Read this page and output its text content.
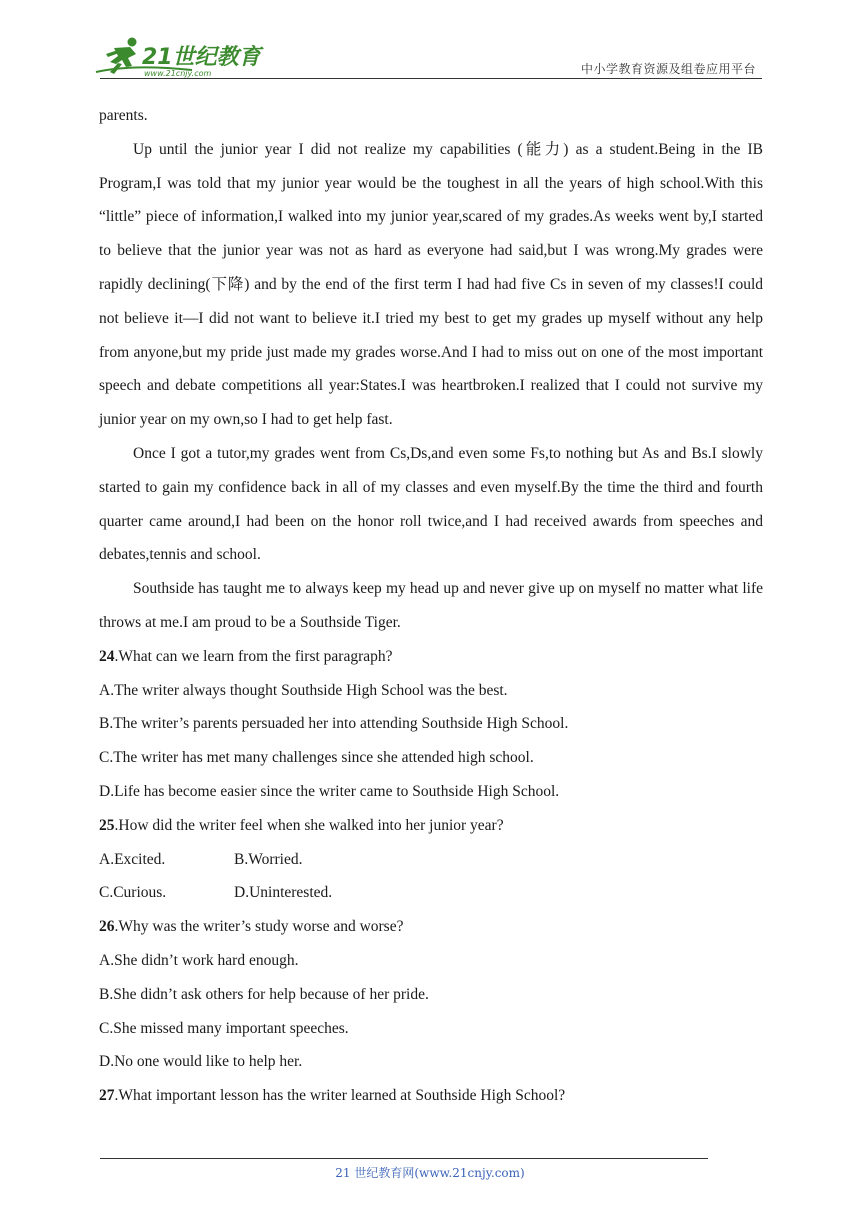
21世纪教育
www.21cnjy.com	中小学教育资源及组卷应用平台

parents.

Up until the junior year I did not realize my capabilities (能力) as a student.Being in the IB Program,I was told that my junior year would be the toughest in all the years of high school.With this “little” piece of information,I walked into my junior year,scared of my grades.As weeks went by,I started to believe that the junior year was not as hard as everyone had said,but I was wrong.My grades were rapidly declining(下降) and by the end of the first term I had had five Cs in seven of my classes!I could not believe it—I did not want to believe it.I tried my best to get my grades up myself without any help from anyone,but my pride just made my grades worse.And I had to miss out on one of the most important speech and debate competitions all year:States.I was heartbroken.I realized that I could not survive my junior year on my own,so I had to get help fast.

Once I got a tutor,my grades went from Cs,Ds,and even some Fs,to nothing but As and Bs.I slowly started to gain my confidence back in all of my classes and even myself.By the time the third and fourth quarter came around,I had been on the honor roll twice,and I had received awards from speeches and debates,tennis and school.

Southside has taught me to always keep my head up and never give up on myself no matter what life throws at me.I am proud to be a Southside Tiger.

24.What can we learn from the first paragraph?

A.The writer always thought Southside High School was the best.

B.The writer’s parents persuaded her into attending Southside High School.

C.The writer has met many challenges since she attended high school.

D.Life has become easier since the writer came to Southside High School.

25.How did the writer feel when she walked into her junior year?

A.Excited.	B.Worried.
C.Curious.	D.Uninterested.

26.Why was the writer’s study worse and worse?

A.She didn’t work hard enough.

B.She didn’t ask others for help because of her pride.

C.She missed many important speeches.

D.No one would like to help her.

27.What important lesson has the writer learned at Southside High School?

21 世纪教育网(www.21cnjy.com)
